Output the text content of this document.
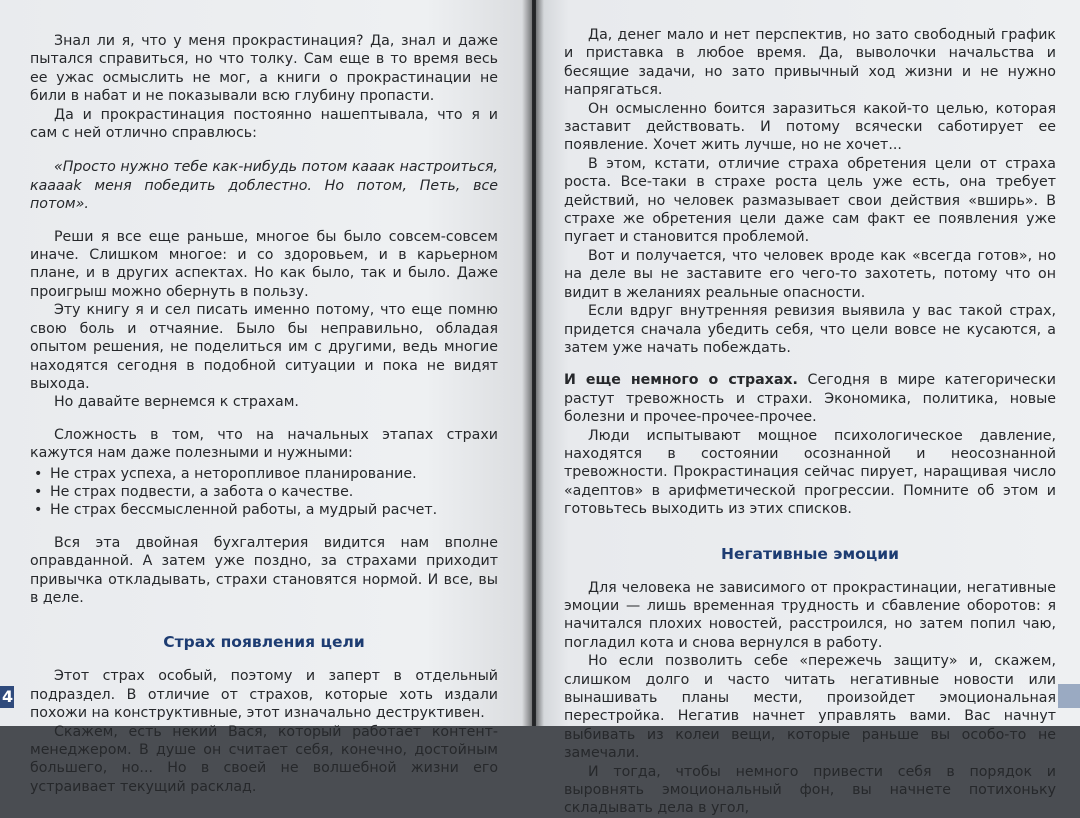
Знал ли я, что у меня прокрастинация? Да, знал и даже пытался справиться, но что толку. Сам еще в то время весь ее ужас осмыслить не мог, а книги о прокрастинации не били в набат и не показывали всю глубину пропасти.

Да и прокрастинация постоянно нашептывала, что я и сам с ней отлично справлюсь:

«Просто нужно тебе как-нибудь потом кааак настроиться, кааaak меня победить доблестно. Но потом, Петь, все потом».

Реши я все еще раньше, многое бы было совсем-совсем иначе. Слишком многое: и со здоровьем, и в карьерном плане, и в других аспектах. Но как было, так и было. Даже проигрыш можно обернуть в пользу.

Эту книгу я и сел писать именно потому, что еще помню свою боль и отчаяние. Было бы неправильно, обладая опытом решения, не поделиться им с другими, ведь многие находятся сегодня в подобной ситуации и пока не видят выхода.

Но давайте вернемся к страхам.

Сложность в том, что на начальных этапах страхи кажутся нам даже полезными и нужными:

• Не страх успеха, а неторопливое планирование.
• Не страх подвести, а забота о качестве.
• Не страх бессмысленной работы, а мудрый расчет.

Вся эта двойная бухгалтерия видится нам вполне оправданной. А затем уже поздно, за страхами приходит привычка откладывать, страхи становятся нормой. И все, вы в деле.

Страх появления цели

Этот страх особый, поэтому и заперт в отдельный подраздел. В отличие от страхов, которые хоть издали похожи на конструктивные, этот изначально деструктивен.

Скажем, есть некий Вася, который работает контент-менеджером. В душе он считает себя, конечно, достойным большего, но... Но в своей не волшебной жизни его устраивает текущий расклад.

4

Да, денег мало и нет перспектив, но зато свободный график и приставка в любое время. Да, выволочки начальства и бесящие задачи, но зато привычный ход жизни и не нужно напрягаться.

Он осмысленно боится заразиться какой-то целью, которая заставит действовать. И потому всячески саботирует ее появление. Хочет жить лучше, но не хочет...

В этом, кстати, отличие страха обретения цели от страха роста. Все-таки в страхе роста цель уже есть, она требует действий, но человек размазывает свои действия «вширь». В страхе же обретения цели даже сам факт ее появления уже пугает и становится проблемой.

Вот и получается, что человек вроде как «всегда готов», но на деле вы не заставите его чего-то захотеть, потому что он видит в желаниях реальные опасности.

Если вдруг внутренняя ревизия выявила у вас такой страх, придется сначала убедить себя, что цели вовсе не кусаются, а затем уже начать побеждать.

И еще немного о страхах. Сегодня в мире категорически растут тревожность и страхи. Экономика, политика, новые болезни и прочее-прочее-прочее.

Люди испытывают мощное психологическое давление, находятся в состоянии осознанной и неосознанной тревожности. Прокрастинация сейчас пирует, наращивая число «адептов» в арифметической прогрессии. Помните об этом и готовьтесь выходить из этих списков.

Негативные эмоции

Для человека не зависимого от прокрастинации, негативные эмоции — лишь временная трудность и сбавление оборотов: я начитался плохих новостей, расстроился, но затем попил чаю, погладил кота и снова вернулся в работу.

Но если позволить себе «пережечь защиту» и, скажем, слишком долго и часто читать негативные новости или вынашивать планы мести, произойдет эмоциональная перестройка. Негатив начнет управлять вами. Вас начнут выбивать из колеи вещи, которые раньше вы особо-то не замечали.

И тогда, чтобы немного привести себя в порядок и выровнять эмоциональный фон, вы начнете потихоньку складывать дела в угол,
